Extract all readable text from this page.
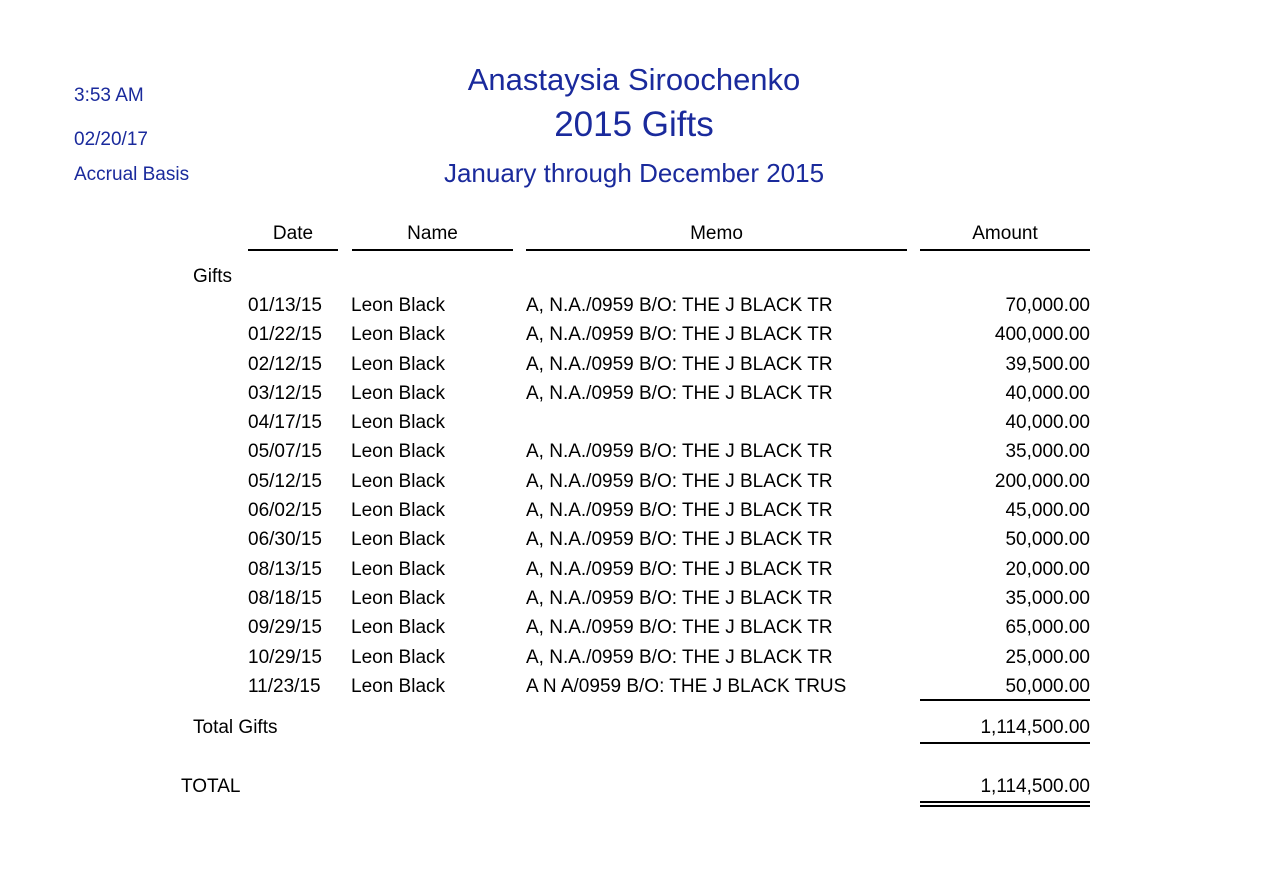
3:53 AM
02/20/17
Accrual Basis
Anastaysia Siroochenko
2015 Gifts
January through December 2015
Date	Name	Memo	Amount
Gifts
01/13/15 Leon Black	A, N.A./0959 B/O: THE J BLACK TR	70,000.00
01/22/15 Leon Black	A, N.A./0959 B/O: THE J BLACK TR	400,000.00
02/12/15 Leon Black	A, N.A./0959 B/O: THE J BLACK TR	39,500.00
03/12/15 Leon Black	A, N.A./0959 B/O: THE J BLACK TR	40,000.00
04/17/15 Leon Black	40,000.00
05/07/15 Leon Black	A, N.A./0959 B/O: THE J BLACK TR	35,000.00
05/12/15 Leon Black	A, N.A./0959 B/O: THE J BLACK TR	200,000.00
06/02/15 Leon Black	A, N.A./0959 B/O: THE J BLACK TR	45,000.00
06/30/15 Leon Black	A, N.A./0959 B/O: THE J BLACK TR	50,000.00
08/13/15 Leon Black	A, N.A./0959 B/O: THE J BLACK TR	20,000.00
08/18/15 Leon Black	A, N.A./0959 B/O: THE J BLACK TR	35,000.00
09/29/15 Leon Black	A, N.A./0959 B/O: THE J BLACK TR	65,000.00
10/29/15 Leon Black	A, N.A./0959 B/O: THE J BLACK TR	25,000.00
11/23/15 Leon Black	A N A/0959 B/O: THE J BLACK TRUS	50,000.00
Total Gifts	1,114,500.00
TOTAL	1,114,500.00
